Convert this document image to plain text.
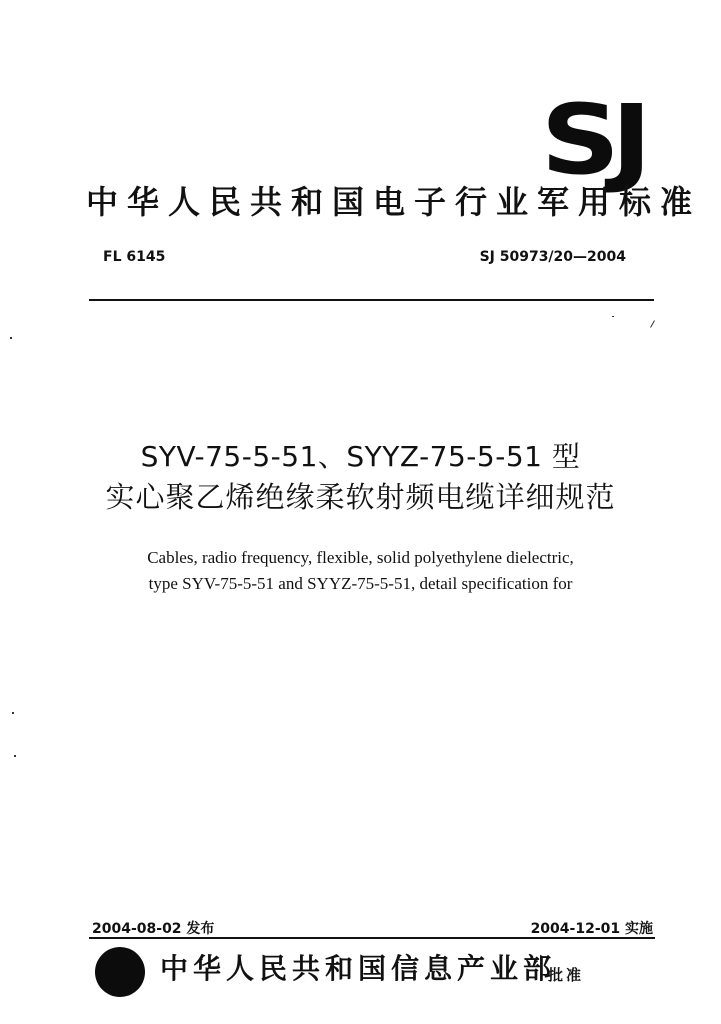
SJ
中华人民共和国电子行业军用标准
FL 6145	SJ 50973/20—2004
SYV-75-5-51、SYYZ-75-5-51 型
实心聚乙烯绝缘柔软射频电缆详细规范
Cables, radio frequency, flexible, solid polyethylene dielectric,
type SYV-75-5-51 and SYYZ-75-5-51, detail specification for
2004-08-02 发布	2004-12-01 实施
中华人民共和国信息产业部
批准
